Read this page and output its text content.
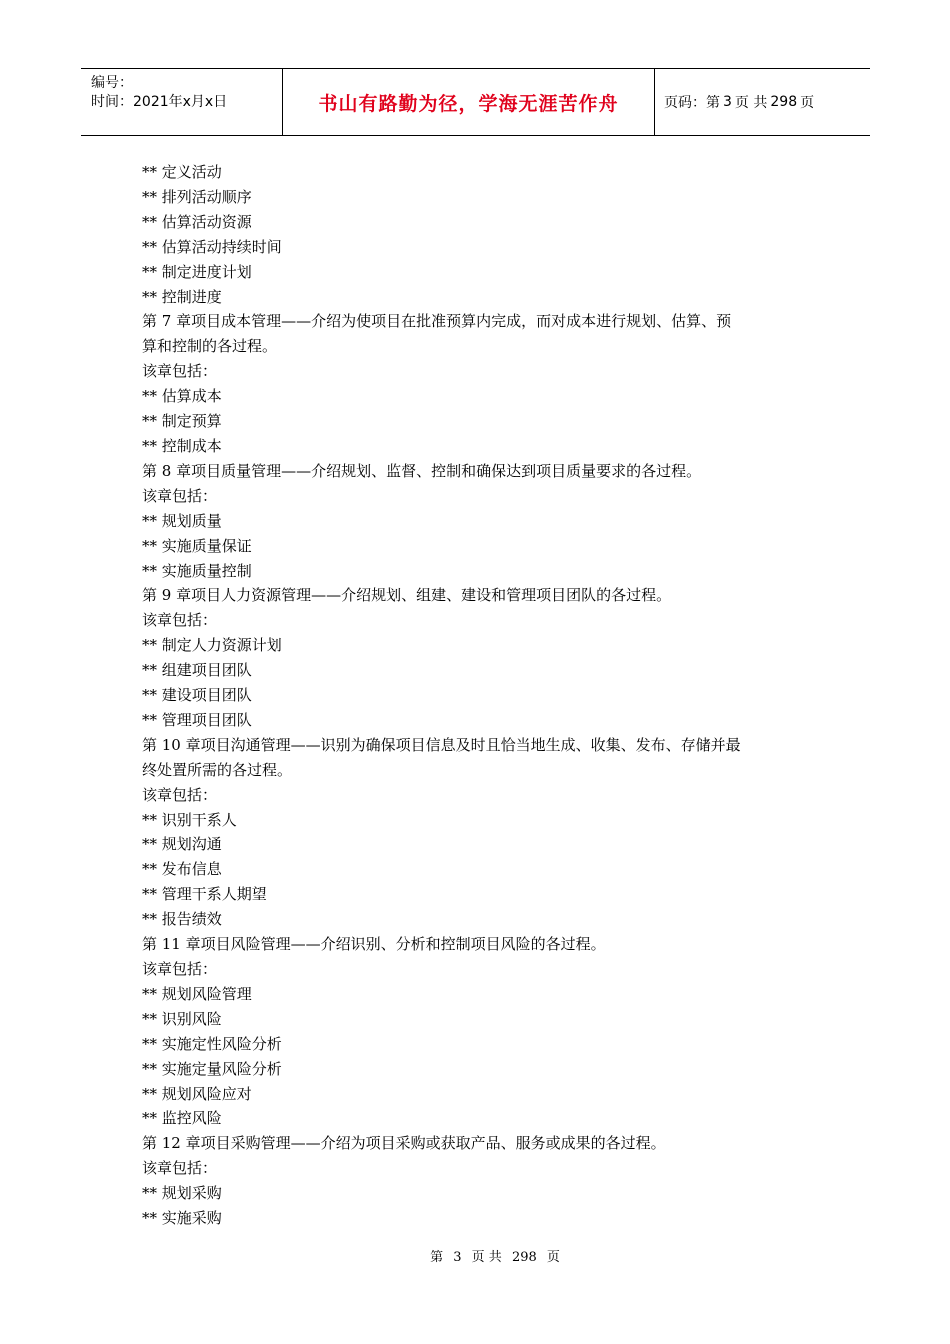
编号：
时间：2021年x月x日	书山有路勤为径，学海无涯苦作舟	页码：第 3 页 共 298 页
** 定义活动
** 排列活动顺序
** 估算活动资源
** 估算活动持续时间
** 制定进度计划
** 控制进度
第 7 章项目成本管理——介绍为使项目在批准预算内完成，而对成本进行规划、估算、预
算和控制的各过程。
该章包括：
** 估算成本
** 制定预算
** 控制成本
第 8 章项目质量管理——介绍规划、监督、控制和确保达到项目质量要求的各过程。
该章包括：
** 规划质量
** 实施质量保证
** 实施质量控制
第 9 章项目人力资源管理——介绍规划、组建、建设和管理项目团队的各过程。
该章包括：
** 制定人力资源计划
** 组建项目团队
** 建设项目团队
** 管理项目团队
第 10 章项目沟通管理——识别为确保项目信息及时且恰当地生成、收集、发布、存储并最
终处置所需的各过程。
该章包括：
** 识别干系人
** 规划沟通
** 发布信息
** 管理干系人期望
** 报告绩效
第 11 章项目风险管理——介绍识别、分析和控制项目风险的各过程。
该章包括：
** 规划风险管理
** 识别风险
** 实施定性风险分析
** 实施定量风险分析
** 规划风险应对
** 监控风险
第 12 章项目采购管理——介绍为项目采购或获取产品、服务或成果的各过程。
该章包括：
** 规划采购
** 实施采购
第 3 页 共 298 页
